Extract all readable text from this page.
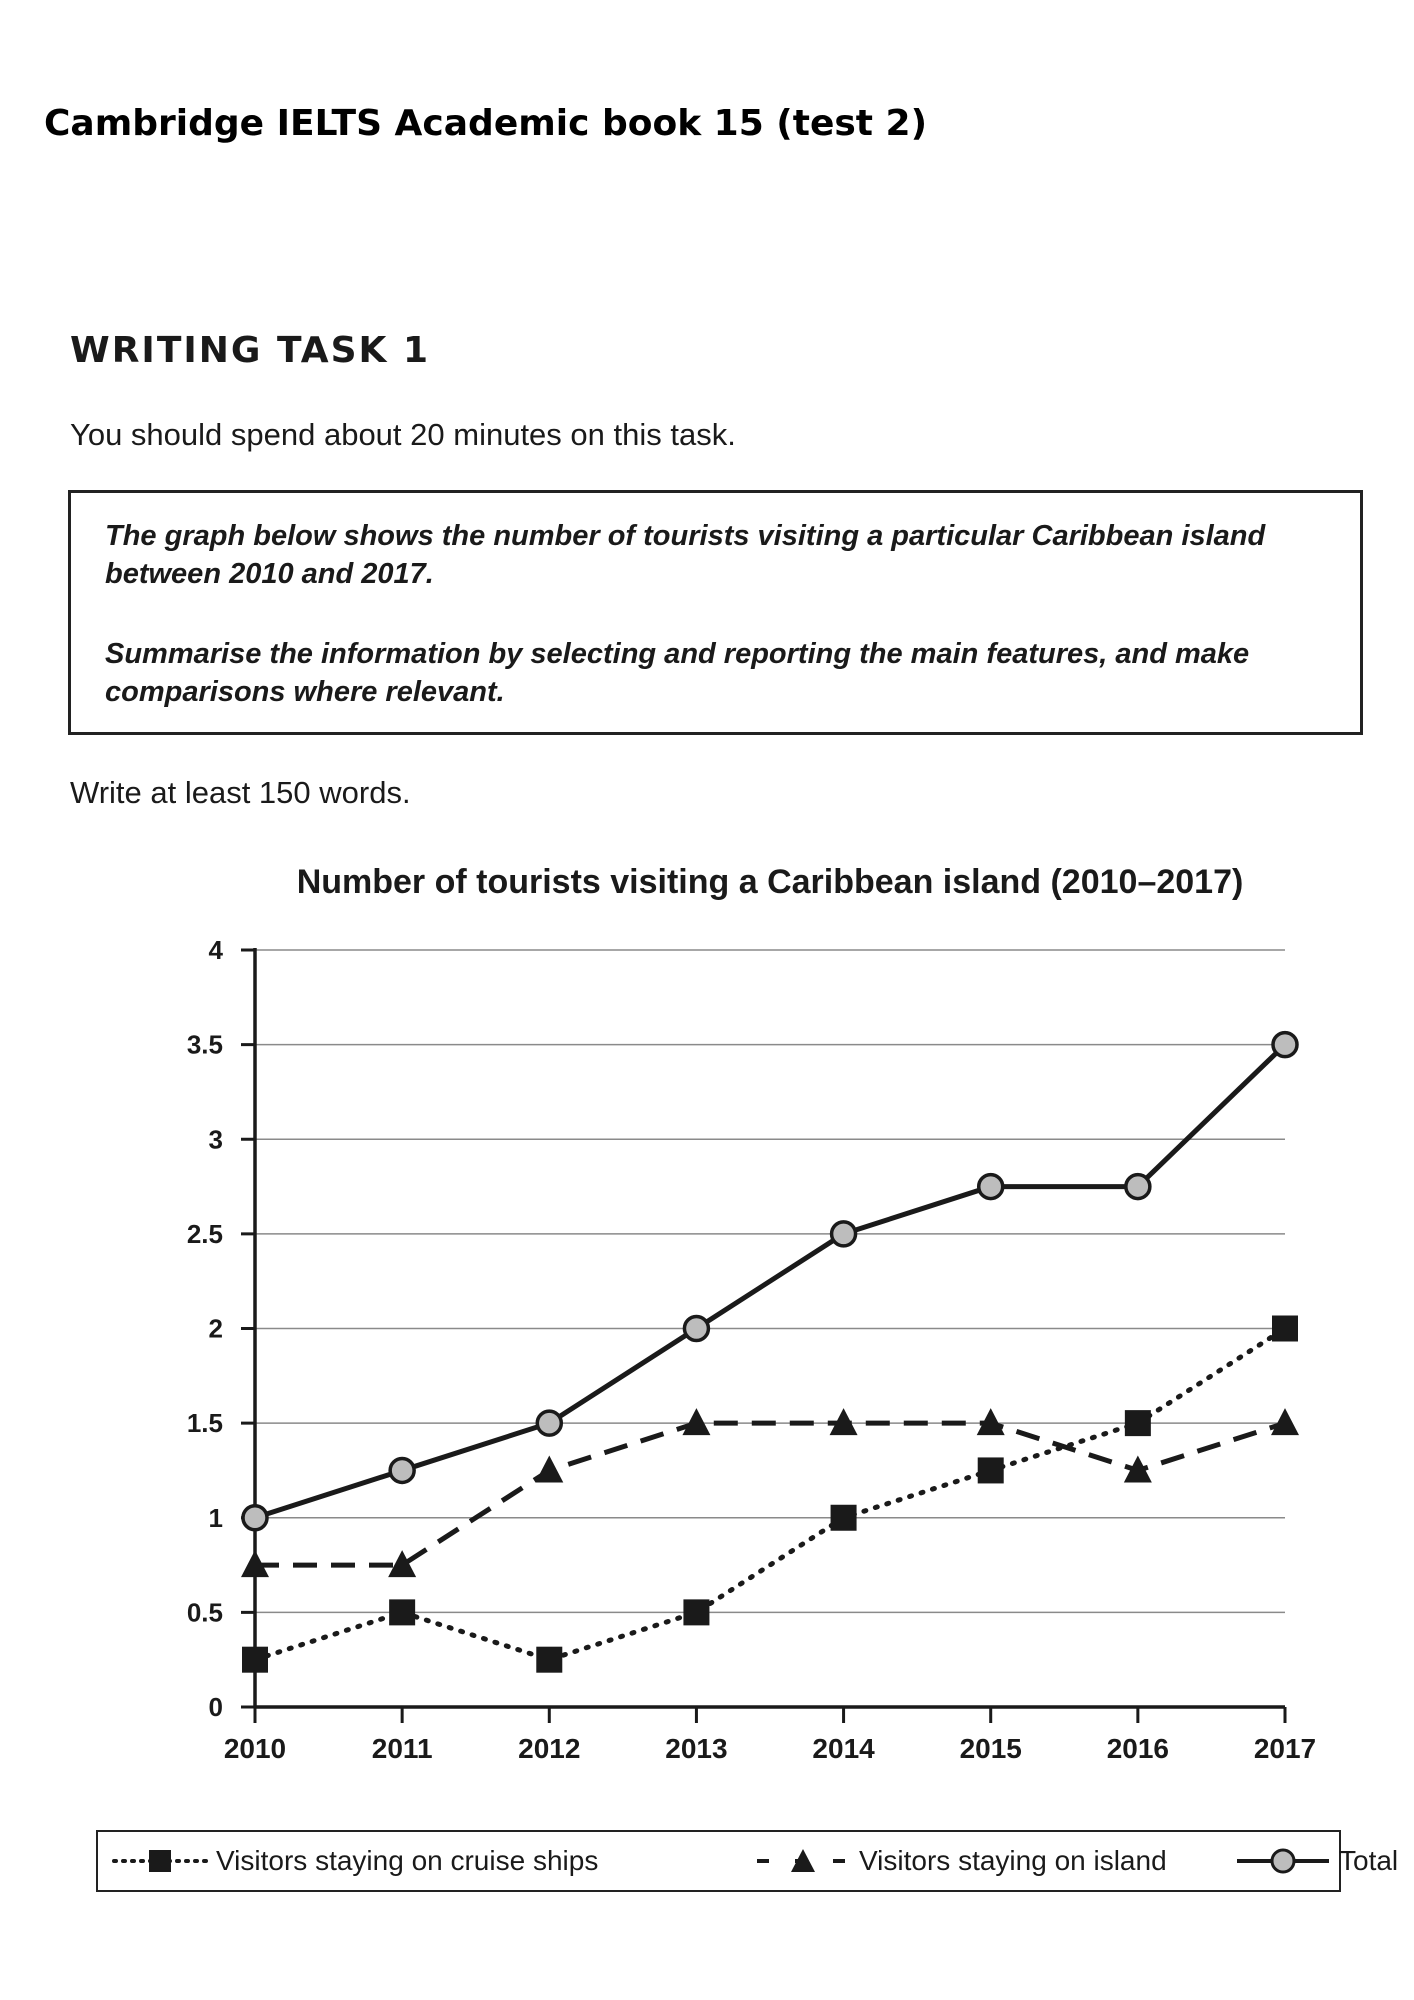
Cambridge IELTS Academic book 15 (test 2)
WRITING TASK 1
You should spend about 20 minutes on this task.

The graph below shows the number of tourists visiting a particular Caribbean island between 2010 and 2017.

Summarise the information by selecting and reporting the main features, and make comparisons where relevant.

Write at least 150 words.
Number of tourists visiting a Caribbean island (2010–2017)
0
0.5
1
1.5
2
2.5
3
3.5
4
2010	2011	2012	2013	2014	2015	2016	2017
Visitors staying on cruise ships	Visitors staying on island	Total
